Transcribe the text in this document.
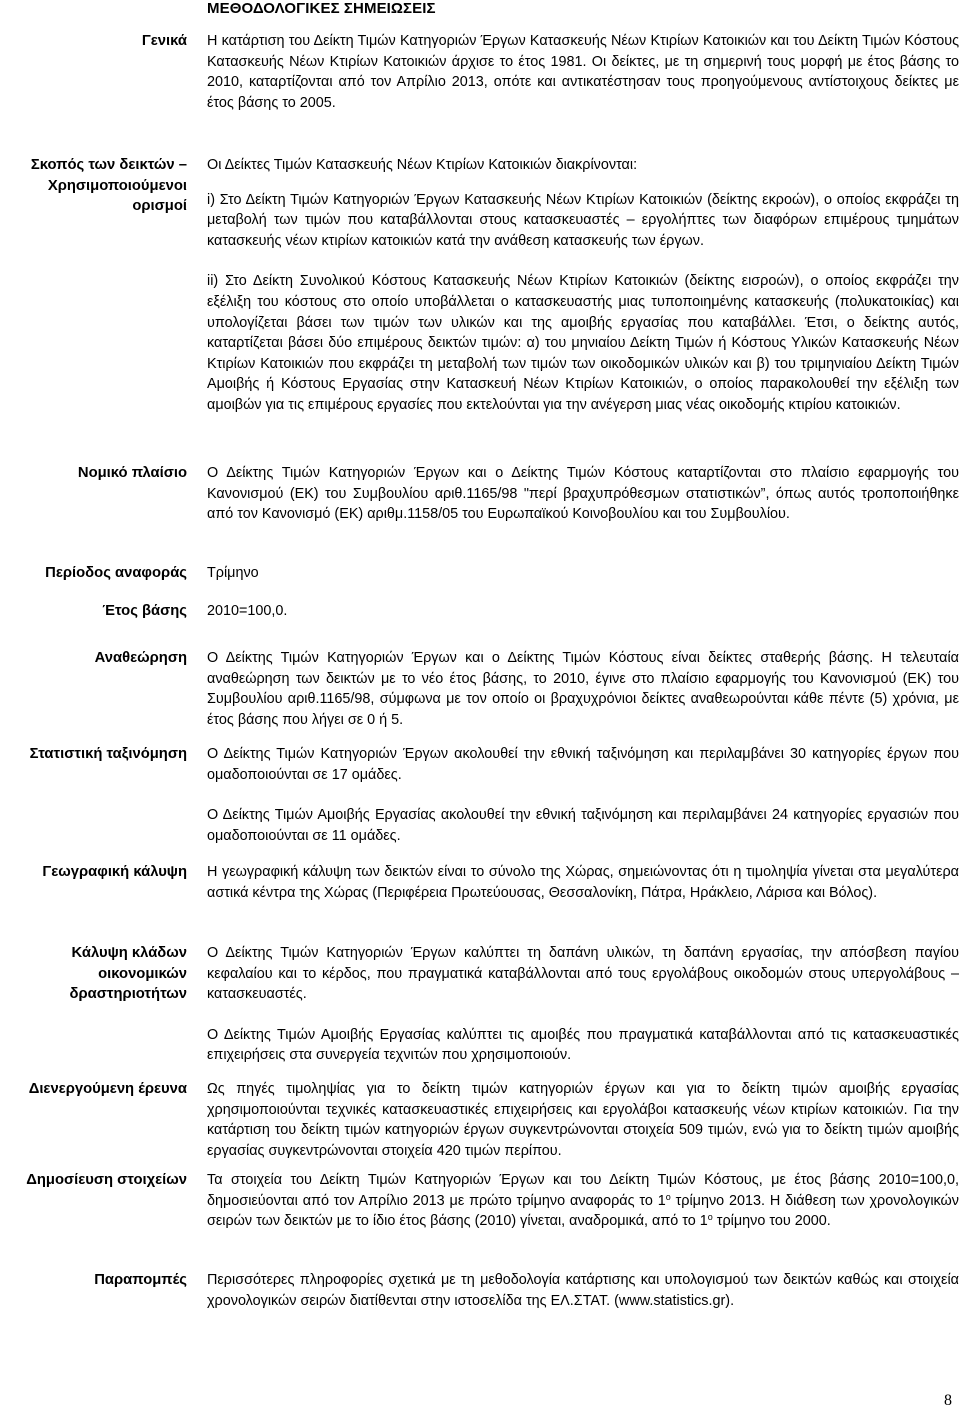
ΜΕΘΟΔΟΛΟΓΙΚΕΣ ΣΗΜΕΙΩΣΕΙΣ
Γενικά Η κατάρτιση του Δείκτη Τιμών Κατηγοριών Έργων Κατασκευής Νέων Κτιρίων Κατοικιών και του Δείκτη Τιμών Κόστους Κατασκευής Νέων Κτιρίων Κατοικιών άρχισε το έτος 1981. Οι δείκτες, με τη σημερινή τους μορφή με έτος βάσης το 2010, καταρτίζονται από τον Απρίλιο 2013, οπότε και αντικατέστησαν τους προηγούμενους αντίστοιχους δείκτες με έτος βάσης το 2005.

Σκοπός των δεικτών – Χρησιμοποιούμενοι ορισμοί

Οι Δείκτες Τιμών Κατασκευής Νέων Κτιρίων Κατοικιών διακρίνονται:

i) Στο Δείκτη Τιμών Κατηγοριών Έργων Κατασκευής Νέων Κτιρίων Κατοικιών (δείκτης εκροών), ο οποίος εκφράζει τη μεταβολή των τιμών που καταβάλλονται στους κατασκευαστές – εργολήπτες των διαφόρων επιμέρους τμημάτων κατασκευής νέων κτιρίων κατοικιών κατά την ανάθεση κατασκευής των έργων.

ii) Στο Δείκτη Συνολικού Κόστους Κατασκευής Νέων Κτιρίων Κατοικιών (δείκτης εισροών), ο οποίος εκφράζει την εξέλιξη του κόστους στο οποίο υποβάλλεται ο κατασκευαστής μιας τυποποιημένης κατασκευής (πολυκατοικίας) και υπολογίζεται βάσει των τιμών των υλικών και της αμοιβής εργασίας που καταβάλλει. Έτσι, ο δείκτης αυτός, καταρτίζεται βάσει δύο επιμέρους δεικτών τιμών: α) του μηνιαίου Δείκτη Τιμών ή Κόστους Υλικών Κατασκευής Νέων Κτιρίων Κατοικιών που εκφράζει τη μεταβολή των τιμών των οικοδομικών υλικών και β) του τριμηνιαίου Δείκτη Τιμών Αμοιβής ή Κόστους Εργασίας στην Κατασκευή Νέων Κτιρίων Κατοικιών, ο οποίος παρακολουθεί την εξέλιξη των αμοιβών για τις επιμέρους εργασίες που εκτελούνται για την ανέγερση μιας νέας οικοδομής κτιρίου κατοικιών.

Νομικό πλαίσιο Ο Δείκτης Τιμών Κατηγοριών Έργων και ο Δείκτης Τιμών Κόστους καταρτίζονται στο πλαίσιο εφαρμογής του Κανονισμού (ΕΚ) του Συμβουλίου αριθ.1165/98 "περί βραχυπρόθεσμων στατιστικών”, όπως αυτός τροποποιήθηκε από τον Κανονισμό (ΕΚ) αριθμ.1158/05 του Ευρωπαϊκού Κοινοβουλίου και του Συμβουλίου.

Περίοδος αναφοράς Τρίμηνο

Έτος βάσης 2010=100,0.

Αναθεώρηση Ο Δείκτης Τιμών Κατηγοριών Έργων και ο Δείκτης Τιμών Κόστους είναι δείκτες σταθερής βάσης. Η τελευταία αναθεώρηση των δεικτών με το νέο έτος βάσης, το 2010, έγινε στο πλαίσιο εφαρμογής του Κανονισμού (ΕΚ) του Συμβουλίου αριθ.1165/98, σύμφωνα με τον οποίο οι βραχυχρόνιοι δείκτες αναθεωρούνται κάθε πέντε (5) χρόνια, με έτος βάσης που λήγει σε 0 ή 5.

Στατιστική ταξινόμηση Ο Δείκτης Τιμών Κατηγοριών Έργων ακολουθεί την εθνική ταξινόμηση και περιλαμβάνει 30 κατηγορίες έργων που ομαδοποιούνται σε 17 ομάδες.

Ο Δείκτης Τιμών Αμοιβής Εργασίας ακολουθεί την εθνική ταξινόμηση και περιλαμβάνει 24 κατηγορίες εργασιών που ομαδοποιούνται σε 11 ομάδες.

Γεωγραφική κάλυψη Η γεωγραφική κάλυψη των δεικτών είναι το σύνολο της Χώρας, σημειώνοντας ότι η τιμοληψία γίνεται στα μεγαλύτερα αστικά κέντρα της Χώρας (Περιφέρεια Πρωτεύουσας, Θεσσαλονίκη, Πάτρα, Ηράκλειο, Λάρισα και Βόλος).

Κάλυψη κλάδων οικονομικών δραστηριοτήτων

Ο Δείκτης Τιμών Κατηγοριών Έργων καλύπτει τη δαπάνη υλικών, τη δαπάνη εργασίας, την απόσβεση παγίου κεφαλαίου και το κέρδος, που πραγματικά καταβάλλονται από τους εργολάβους οικοδομών στους υπεργολάβους – κατασκευαστές.

Ο Δείκτης Τιμών Αμοιβής Εργασίας καλύπτει τις αμοιβές που πραγματικά καταβάλλονται από τις κατασκευαστικές επιχειρήσεις στα συνεργεία τεχνιτών που χρησιμοποιούν.

Διενεργούμενη έρευνα Ως πηγές τιμοληψίας για το δείκτη τιμών κατηγοριών έργων και για το δείκτη τιμών αμοιβής εργασίας χρησιμοποιούνται τεχνικές κατασκευαστικές επιχειρήσεις και εργολάβοι κατασκευής νέων κτιρίων κατοικιών. Για την κατάρτιση του δείκτη τιμών κατηγοριών έργων συγκεντρώνονται στοιχεία 509 τιμών, ενώ για το δείκτη τιμών αμοιβής εργασίας συγκεντρώνονται στοιχεία 420 τιμών περίπου.

Δημοσίευση στοιχείων Τα στοιχεία του Δείκτη Τιμών Κατηγοριών Έργων και του Δείκτη Τιμών Κόστους, με έτος βάσης 2010=100,0, δημοσιεύονται από τον Απρίλιο 2013 με πρώτο τρίμηνο αναφοράς το $1^o$ τρίμηνο 2013. Η διάθεση των χρονολογικών σειρών των δεικτών με το ίδιο έτος βάσης (2010) γίνεται, αναδρομικά, από το $1^o$ τρίμηνο του 2000.

Παραπομπές Περισσότερες πληροφορίες σχετικά με τη μεθοδολογία κατάρτισης και υπολογισμού των δεικτών καθώς και στοιχεία χρονολογικών σειρών διατίθενται στην ιστοσελίδα της ΕΛ.ΣΤΑΤ. (www.statistics.gr).

8
